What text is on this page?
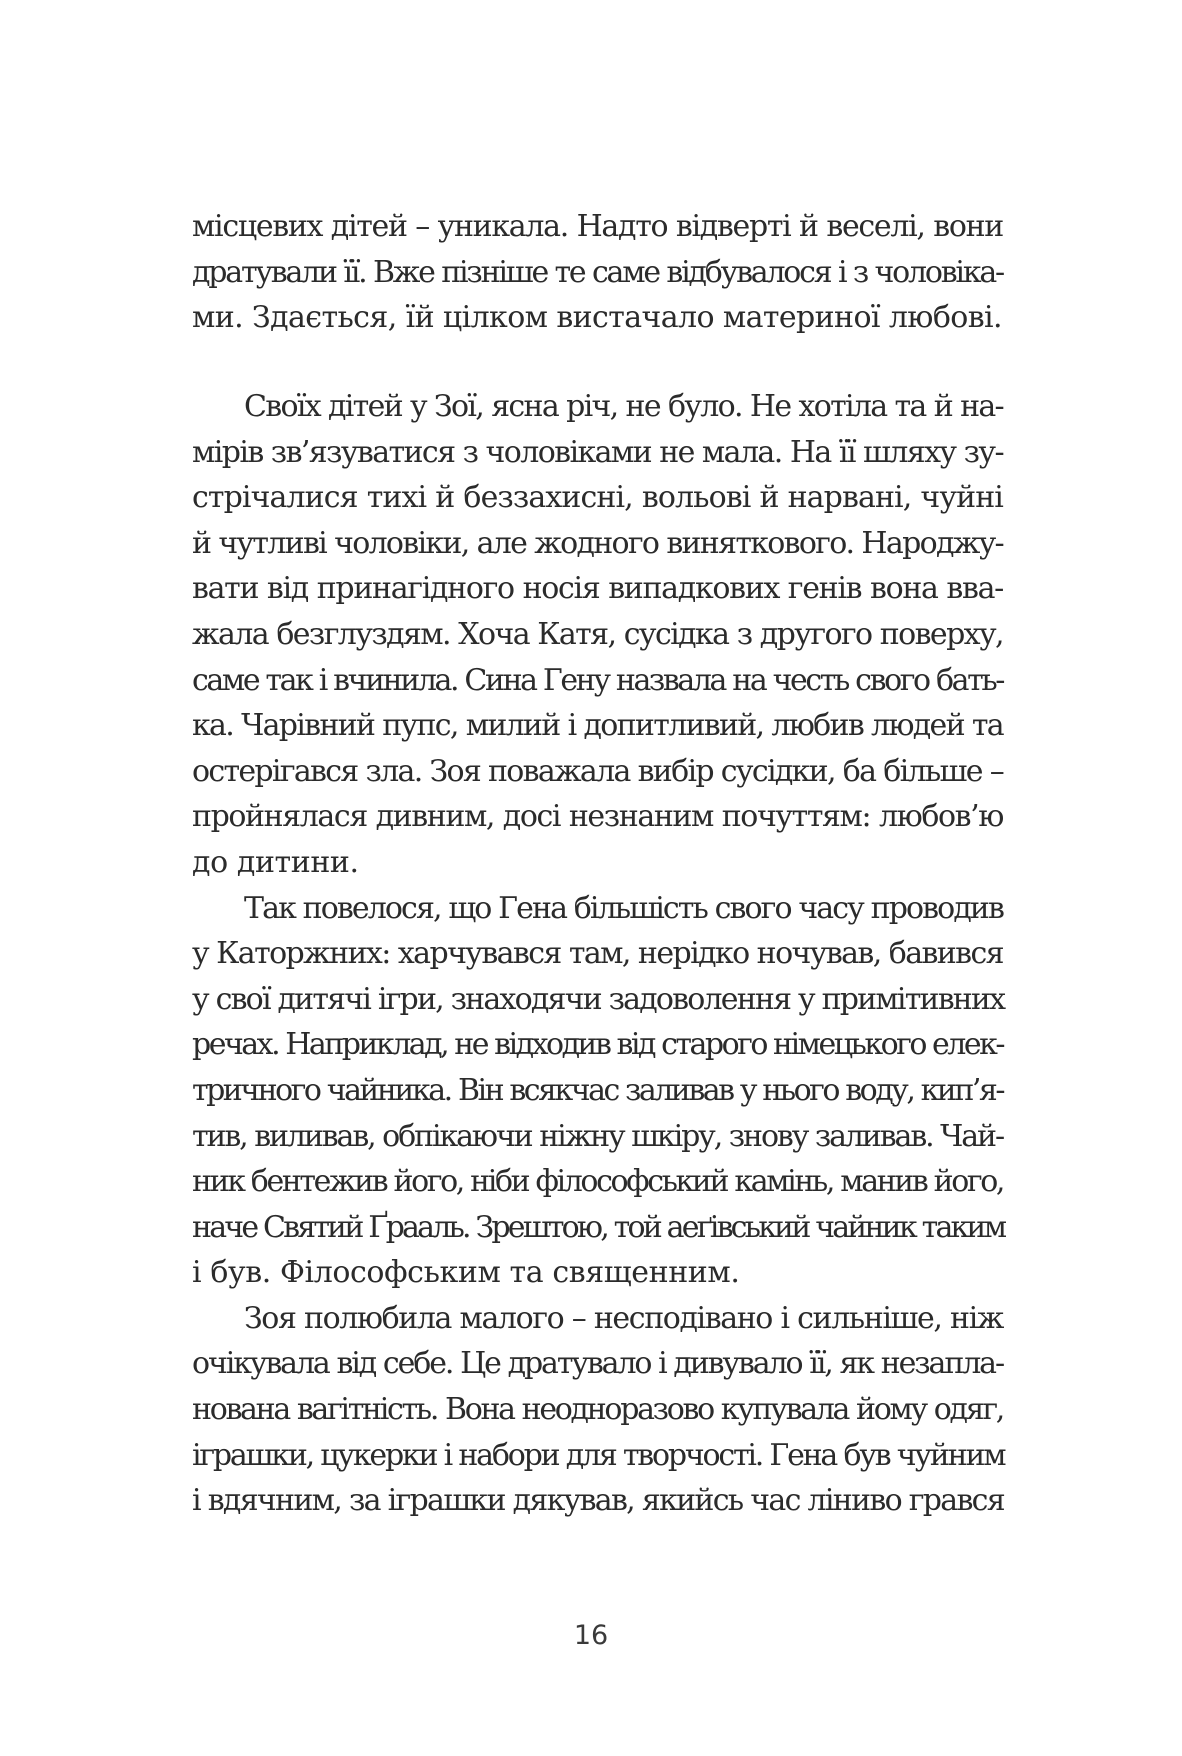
місцевих дітей – уникала. Надто відверті й веселі, вони
дратували її. Вже пізніше те саме відбувалося і з чоловіка-
ми. Здається, їй цілком вистачало материної любові.
Своїх дітей у Зої, ясна річ, не було. Не хотіла та й на-
мірів зв’язуватися з чоловіками не мала. На її шляху зу-
стрічалися тихі й беззахисні, вольові й нарвані, чуйні
й чутливі чоловіки, але жодного виняткового. Народжу-
вати від принагідного носія випадкових генів вона вва-
жала безглуздям. Хоча Катя, сусідка з другого поверху,
саме так і вчинила. Сина Гену назвала на честь свого бать-
ка. Чарівний пупс, милий і допитливий, любив людей та
остерігався зла. Зоя поважала вибір сусідки, ба більше –
пройнялася дивним, досі незнаним почуттям: любов’ю
до дитини.
Так повелося, що Гена більшість свого часу проводив
у Каторжних: харчувався там, нерідко ночував, бавився
у свої дитячі ігри, знаходячи задоволення у примітивних
речах. Наприклад, не відходив від старого німецького елек-
тричного чайника. Він всякчас заливав у нього воду, кип’я-
тив, виливав, обпікаючи ніжну шкіру, знову заливав. Чай-
ник бентежив його, ніби філософський камінь, манив його,
наче Святий Ґрааль. Зрештою, той аеґівський чайник таким
і був. Філософським та священним.
Зоя полюбила малого – несподівано і сильніше, ніж
очікувала від себе. Це дратувало і дивувало її, як незапла-
нована вагітність. Вона неодноразово купувала йому одяг,
іграшки, цукерки і набори для творчості. Гена був чуйним
і вдячним, за іграшки дякував, якийсь час ліниво грався
16
